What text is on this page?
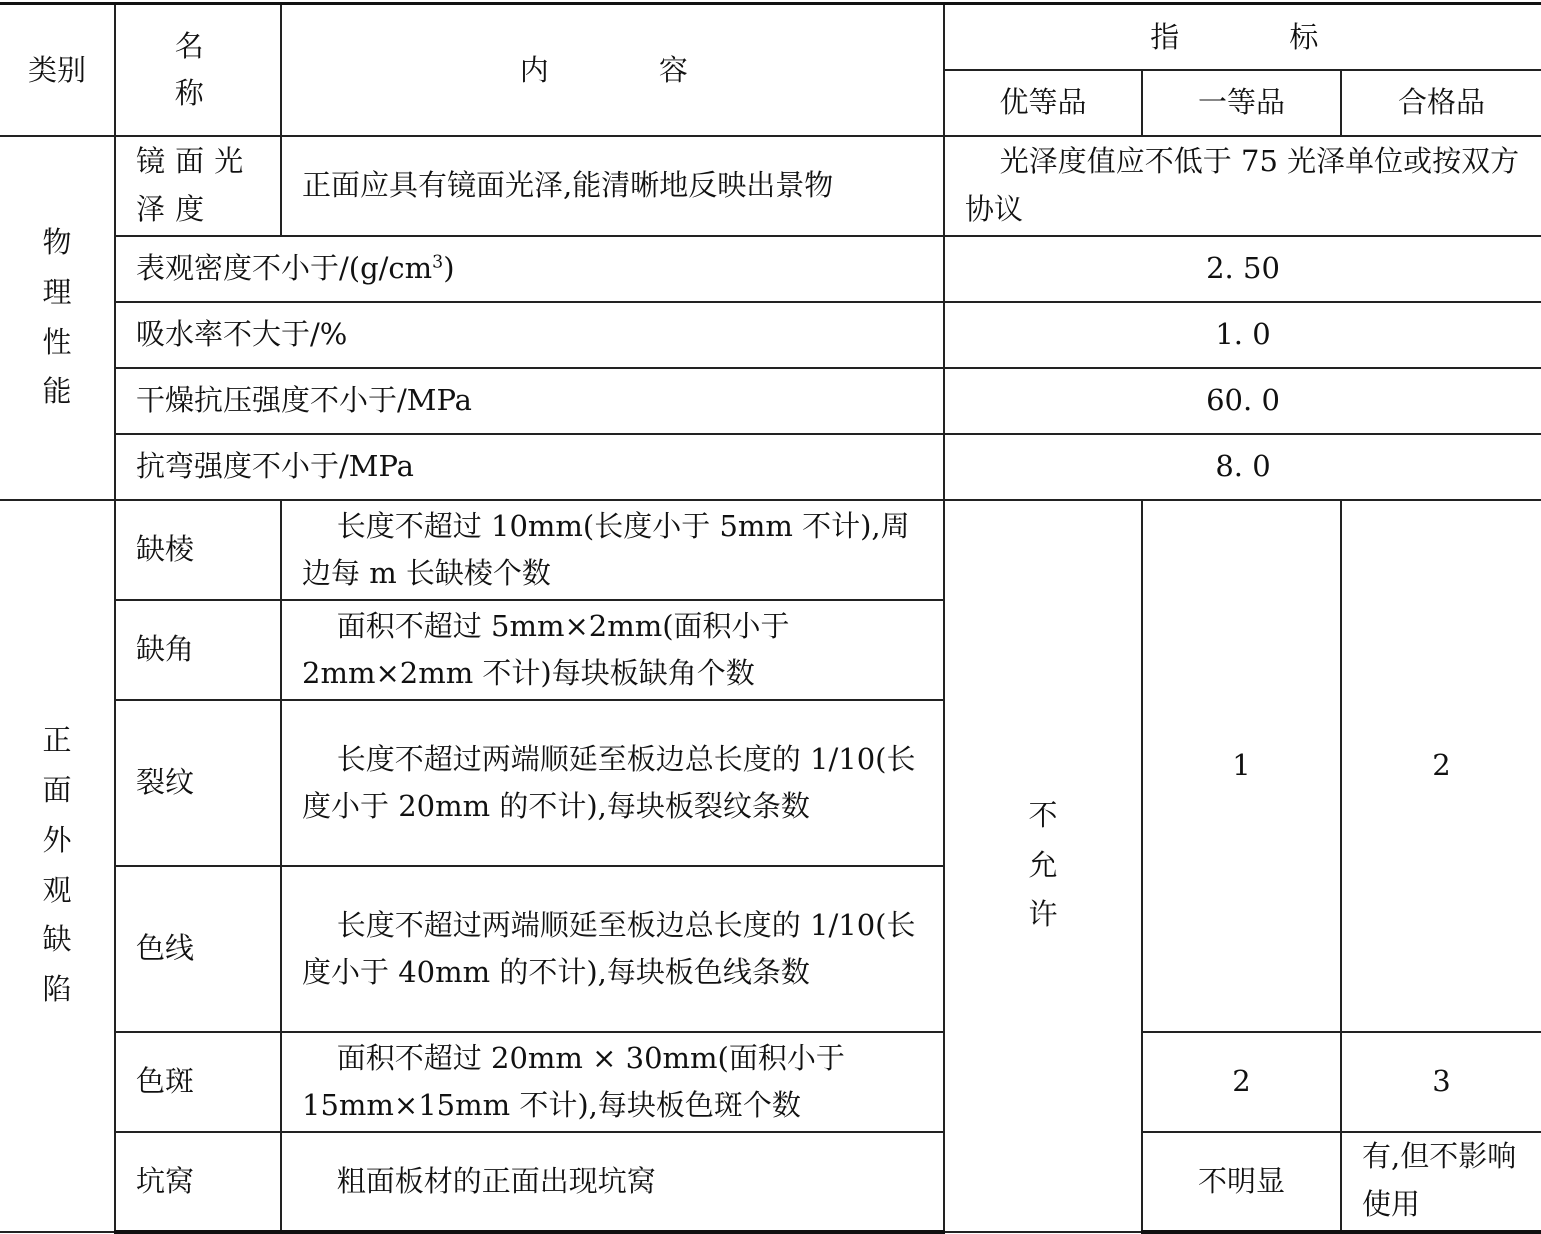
类别	名　称	内　　容	指　　标		
			优等品	一等品	合格品

物理性能	镜面光泽度	正面应具有镜面光泽,能清晰地反映出景物	光泽度值应不低于 75 光泽单位或按双方协议		
	表观密度不小于$/(g/cm^3)$		2. 50		
	吸水率不大于/%		1. 0		
	干燥抗压强度不小于/MPa		60. 0		
	抗弯强度不小于/MPa		8. 0		

正面外观缺陷	缺棱	长度不超过 10mm(长度小于 5mm 不计),周边每 m 长缺棱个数	不允许	1	2
	缺角	面积不超过 5mm×2mm(面积小于 2mm×2mm 不计)每块板缺角个数			
	裂纹	长度不超过两端顺延至板边总长度的 1/10(长度小于 20mm 的不计),每块板裂纹条数			
	色线	长度不超过两端顺延至板边总长度的 1/10(长度小于 40mm 的不计),每块板色线条数			
	色斑	面积不超过 20mm × 30mm(面积小于 15mm×15mm 不计),每块板色斑个数		2	3
	坑窝	粗面板材的正面出现坑窝		不明显	有,但不影响使用
